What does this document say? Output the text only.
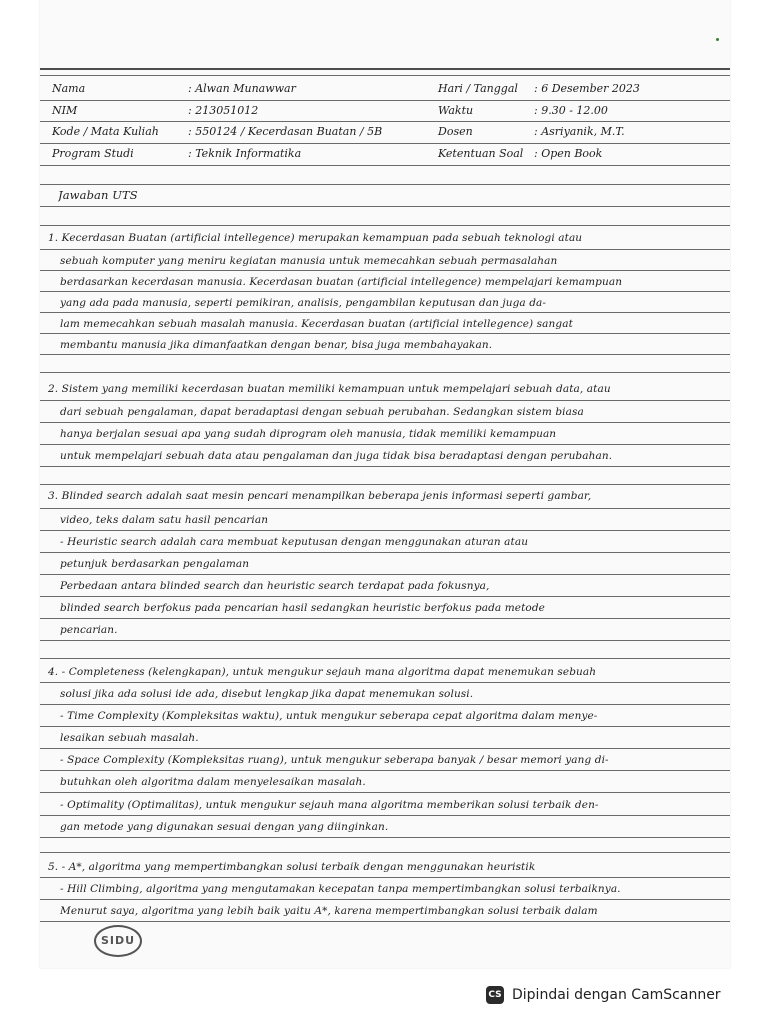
Nama	: Alwan Munawwar	Hari / Tanggal : 6 Desember 2023
NIM	: 213051012	Waktu	: 9.30 - 12.00
Kode / Mata Kuliah	: 550124 / Kecerdasan Buatan / 5B	Dosen	: Asriyanik, M.T.
Program Studi	: Teknik Informatika	Ketentuan Soal : Open Book
Jawaban UTS
1. Kecerdasan Buatan (artificial intellegence) merupakan kemampuan pada sebuah teknologi atau
sebuah komputer yang meniru kegiatan manusia untuk memecahkan sebuah permasalahan
berdasarkan kecerdasan manusia. Kecerdasan buatan (artificial intellegence) mempelajari kemampuan
yang ada pada manusia, seperti pemikiran, analisis, pengambilan keputusan dan juga da-
lam memecahkan sebuah masalah manusia. Kecerdasan buatan (artificial intellegence) sangat
membantu manusia jika dimanfaatkan dengan benar, bisa juga membahayakan.
2. Sistem yang memiliki kecerdasan buatan memiliki kemampuan untuk mempelajari sebuah data, atau
dari sebuah pengalaman, dapat beradaptasi dengan sebuah perubahan. Sedangkan sistem biasa
hanya berjalan sesuai apa yang sudah diprogram oleh manusia, tidak memiliki kemampuan
untuk mempelajari sebuah data atau pengalaman dan juga tidak bisa beradaptasi dengan perubahan.
3. Blinded search adalah saat mesin pencari menampilkan beberapa jenis informasi seperti gambar,
video, teks dalam satu hasil pencarian
- Heuristic search adalah cara membuat keputusan dengan menggunakan aturan atau
petunjuk berdasarkan pengalaman
Perbedaan antara blinded search dan heuristic search terdapat pada fokusnya,
blinded search berfokus pada pencarian hasil sedangkan heuristic berfokus pada metode
pencarian.
4. - Completeness (kelengkapan), untuk mengukur sejauh mana algoritma dapat menemukan sebuah
solusi jika ada solusi ide ada, disebut lengkap jika dapat menemukan solusi.
- Time Complexity (Kompleksitas waktu), untuk mengukur seberapa cepat algoritma dalam menye-
lesaikan sebuah masalah.
- Space Complexity (Kompleksitas ruang), untuk mengukur seberapa banyak / besar memori yang di-
butuhkan oleh algoritma dalam menyelesaikan masalah.
- Optimality (Optimalitas), untuk mengukur sejauh mana algoritma memberikan solusi terbaik den-
gan metode yang digunakan sesuai dengan yang diinginkan.
5. - A*, algoritma yang mempertimbangkan solusi terbaik dengan menggunakan heuristik
- Hill Climbing, algoritma yang mengutamakan kecepatan tanpa mempertimbangkan solusi terbaiknya.
Menurut saya, algoritma yang lebih baik yaitu A*, karena mempertimbangkan solusi terbaik dalam
SIDU
CS Dipindai dengan CamScanner
